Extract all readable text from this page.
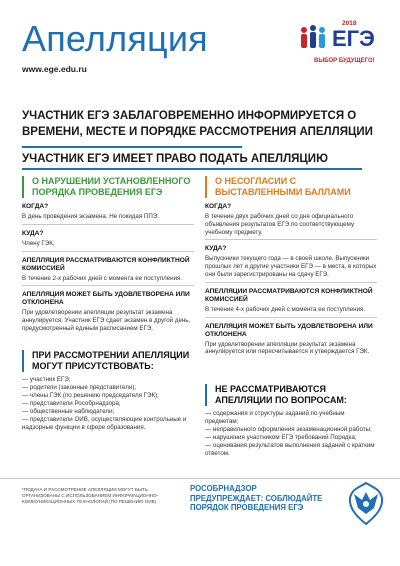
Апелляция
www.ege.edu.ru
2018
ЕГЭ
ВЫБОР БУДУЩЕГО!
УЧАСТНИК ЕГЭ ЗАБЛАГОВРЕМЕННО ИНФОРМИРУЕТСЯ О ВРЕМЕНИ, МЕСТЕ И ПОРЯДКЕ РАССМОТРЕНИЯ АПЕЛЛЯЦИИ
УЧАСТНИК ЕГЭ ИМЕЕТ ПРАВО ПОДАТЬ АПЕЛЛЯЦИЮ
О НАРУШЕНИИ УСТАНОВЛЕННОГО ПОРЯДКА ПРОВЕДЕНИЯ ЕГЭ
КОГДА?
В день проведения экзамена. Не покидая ППЭ.
КУДА?
Члену ГЭК.
АПЕЛЛЯЦИЯ РАССМАТРИВАЮТСЯ КОНФЛИКТНОЙ КОМИССИЕЙ
В течение 2-х рабочих дней с момента ее поступления.
АПЕЛЛЯЦИЯ МОЖЕТ БЫТЬ УДОВЛЕТВОРЕНА ИЛИ ОТКЛОНЕНА
При удовлетворении апелляции результат экзамена аннулируется. Участник ЕГЭ сдает экзамен в другой день, предусмотренный единым расписанием ЕГЭ.
О НЕСОГЛАСИИ С ВЫСТАВЛЕННЫМИ БАЛЛАМИ
КОГДА?
В течение двух рабочих дней со дня официального объявления результатов ЕГЭ по соответствующему учебному предмету.
КУДА?
Выпускники текущего года — в своей школе. Выпускники прошлых лет и другие участники ЕГЭ — в места, в которых они были зарегистрированы на сдачу ЕГЭ.
АПЕЛЛЯЦИИ РАССМАТРИВАЮТСЯ КОНФЛИКТНОЙ КОМИССИЕЙ
В течение 4-х рабочих дней с момента ее поступления.
АПЕЛЛЯЦИЯ МОЖЕТ БЫТЬ УДОВЛЕТВОРЕНА ИЛИ ОТКЛОНЕНА
При удовлетворении апелляции результат экзамена аннулируется или пересчитывается и утверждается ГЭК.
ПРИ РАССМОТРЕНИИ АПЕЛЛЯЦИИ МОГУТ ПРИСУТСТВОВАТЬ:
— участник ЕГЭ;
— родители (законные представители);
— члены ГЭК (по решению председателя ГЭК);
— представители Рособрнадзора;
— общественные наблюдатели;
— представители ОИВ, осуществляющие контрольные и надзорные функции в сфере образования.
НЕ РАССМАТРИВАЮТСЯ АПЕЛЛЯЦИИ ПО ВОПРОСАМ:
— содержания и структуры заданий по учебным предметам;
— неправильного оформления экзаменационной работы;
— нарушения участником ЕГЭ требований Порядка;
— оценивания результатов выполнения заданий с кратким ответом.
*ПОДАЧА И РАССМОТРЕНИЕ АПЕЛЛЯЦИИ МОГУТ БЫТЬ ОРГАНИЗОВАНЫ С ИСПОЛЬЗОВАНИЕМ ИНФОРМАЦИОННО-КОММУНИКАЦИОННЫХ ТЕХНОЛОГИЙ (ПО РЕШЕНИЮ ОИВ)
РОСОБРНАДЗОР ПРЕДУПРЕЖДАЕТ: СОБЛЮДАЙТЕ ПОРЯДОК ПРОВЕДЕНИЯ ЕГЭ
